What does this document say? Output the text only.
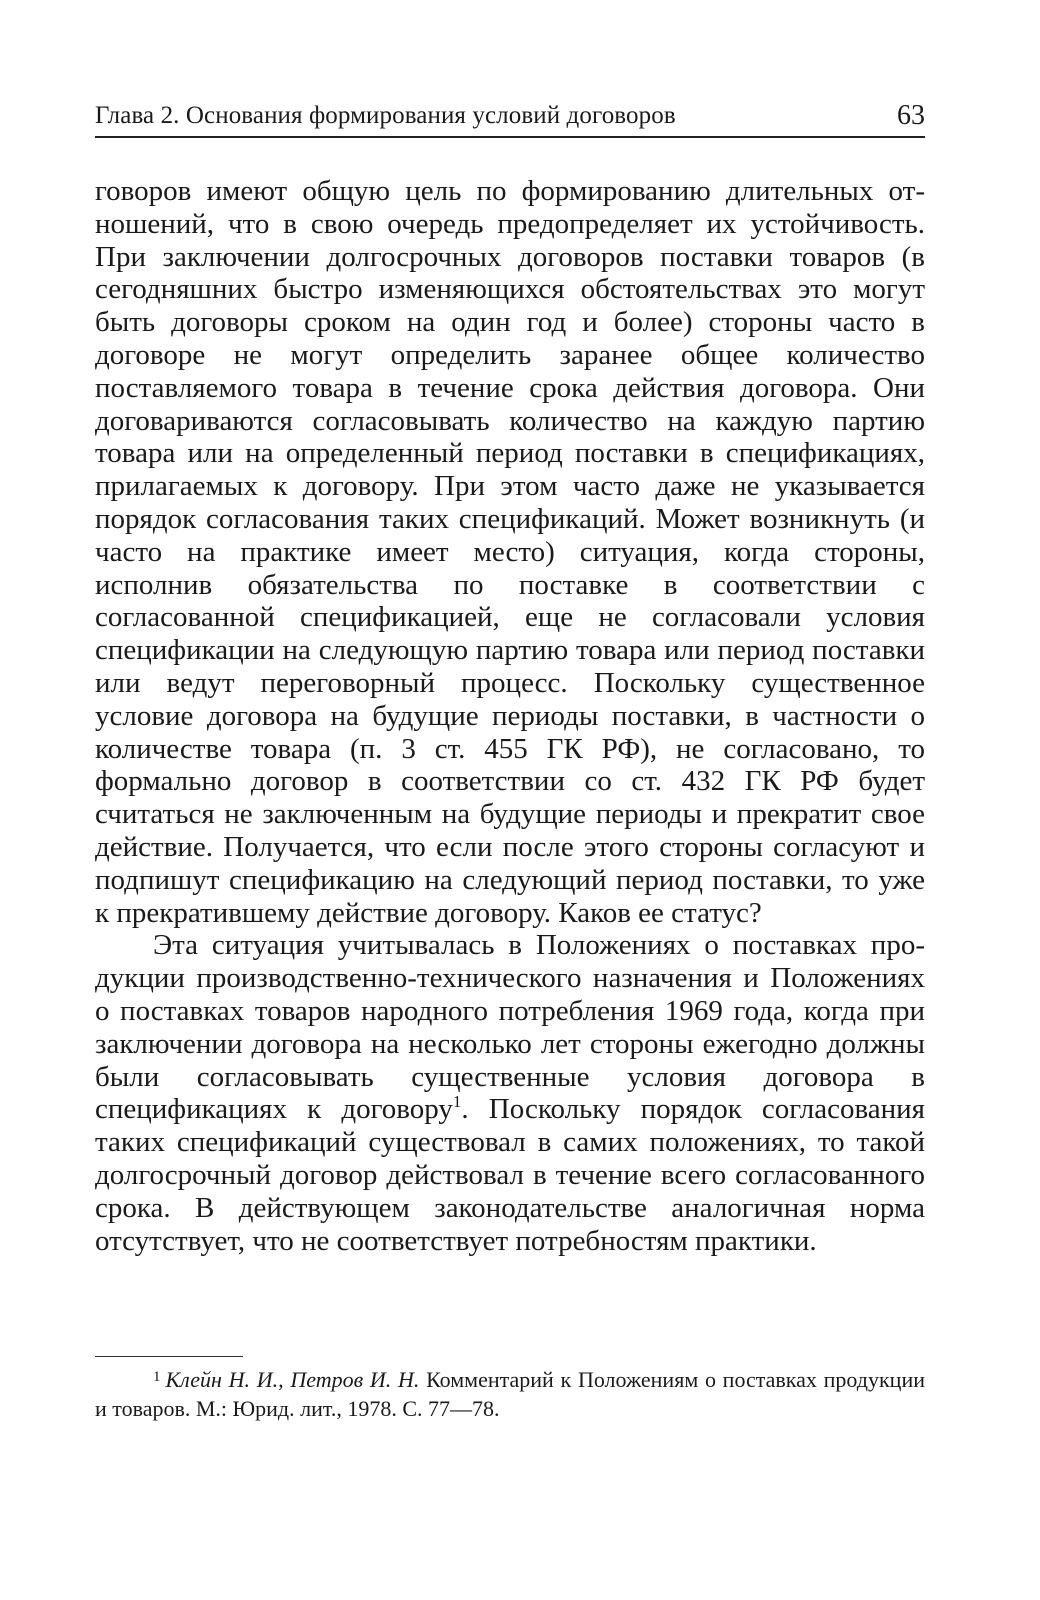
Глава 2. Основания формирования условий договоров	63

говоров имеют общую цель по формированию длительных отношений, что в свою очередь предопределяет их устойчивость. При заключении долгосрочных договоров поставки товаров (в сегодняшних быстро изменяющихся обстоятельствах это могут быть договоры сроком на один год и более) стороны часто в договоре не могут определить заранее общее количество поставляемого товара в течение срока действия договора. Они договариваются согласовывать количество на каждую партию товара или на определенный период поставки в спецификациях, прилагаемых к договору. При этом часто даже не указывается порядок согласования таких спецификаций. Может возникнуть (и часто на практике имеет место) ситуация, когда стороны, исполнив обязательства по поставке в соответствии с согласованной спецификацией, еще не согласовали условия спецификации на следующую партию товара или период поставки или ведут переговорный процесс. Поскольку существенное условие договора на будущие периоды поставки, в частности о количестве товара (п. 3 ст. 455 ГК РФ), не согласовано, то формально договор в соответствии со ст. 432 ГК РФ будет считаться не заключенным на будущие периоды и прекратит свое действие. Получается, что если после этого стороны согласуют и подпишут спецификацию на следующий период поставки, то уже к прекратившему действие договору. Каков ее статус?

Эта ситуация учитывалась в Положениях о поставках продукции производственно-технического назначения и Положениях о поставках товаров народного потребления 1969 года, когда при заключении договора на несколько лет стороны ежегодно должны были согласовывать существенные условия договора в спецификациях к договору$^1$. Поскольку порядок согласования таких спецификаций существовал в самих положениях, то такой долгосрочный договор действовал в течение всего согласованного срока. В действующем законодательстве аналогичная норма отсутствует, что не соответствует потребностям практики.

$^1$ Клейн Н. И., Петров И. Н. Комментарий к Положениям о поставках продукции и товаров. М.: Юрид. лит., 1978. С. 77—78.
